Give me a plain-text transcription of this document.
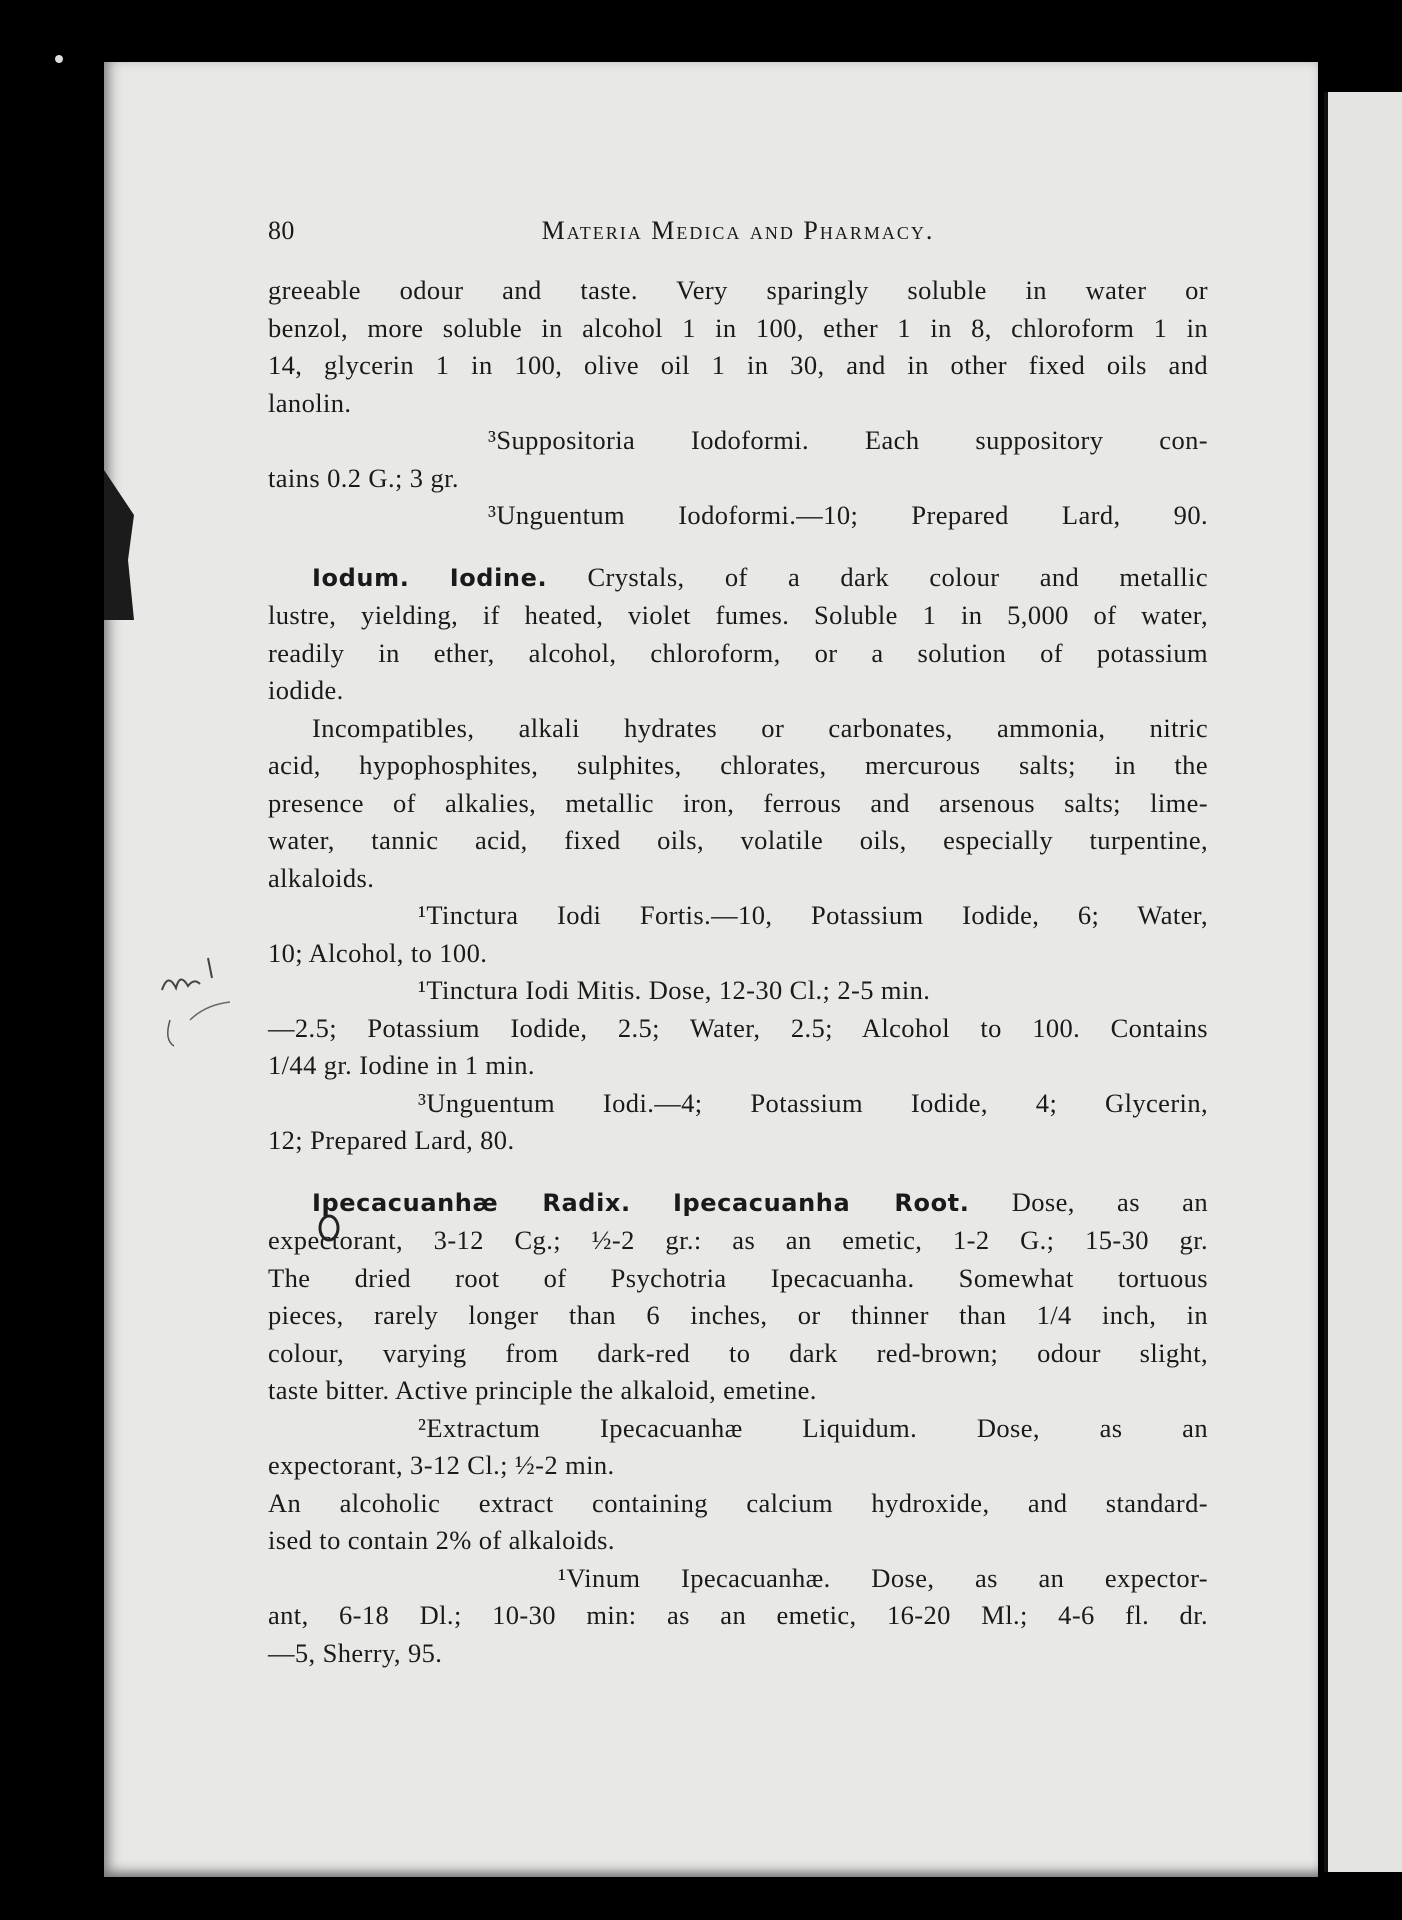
80	Materia Medica and Pharmacy.

greeable odour and taste. Very sparingly soluble in water or

benzol, more soluble in alcohol 1 in 100, ether 1 in 8, chloroform 1 in

14, glycerin 1 in 100, olive oil 1 in 30, and in other fixed oils and

lanolin.

³Suppositoria Iodoformi. Each suppository con-

tains 0.2 G.; 3 gr.

³Unguentum Iodoformi.—10; Prepared Lard, 90.

Iodum. Iodine. Crystals, of a dark colour and metallic

lustre, yielding, if heated, violet fumes. Soluble 1 in 5,000 of water,

readily in ether, alcohol, chloroform, or a solution of potassium

iodide.

Incompatibles, alkali hydrates or carbonates, ammonia, nitric

acid, hypophosphites, sulphites, chlorates, mercurous salts; in the

presence of alkalies, metallic iron, ferrous and arsenous salts; lime-

water, tannic acid, fixed oils, volatile oils, especially turpentine,

alkaloids.

¹Tinctura Iodi Fortis.—10, Potassium Iodide, 6; Water,

10; Alcohol, to 100.

¹Tinctura Iodi Mitis. Dose, 12-30 Cl.; 2-5 min.

—2.5; Potassium Iodide, 2.5; Water, 2.5; Alcohol to 100. Contains

1/44 gr. Iodine in 1 min.

³Unguentum Iodi.—4; Potassium Iodide, 4; Glycerin,

12; Prepared Lard, 80.

Ipecacuanhæ Radix. Ipecacuanha Root. Dose, as an

expectorant, 3-12 Cg.; ½-2 gr.: as an emetic, 1-2 G.; 15-30 gr.

The dried root of Psychotria Ipecacuanha. Somewhat tortuous

pieces, rarely longer than 6 inches, or thinner than 1/4 inch, in

colour, varying from dark-red to dark red-brown; odour slight,

taste bitter. Active principle the alkaloid, emetine.

²Extractum Ipecacuanhæ Liquidum. Dose, as an

expectorant, 3-12 Cl.; ½-2 min.

An alcoholic extract containing calcium hydroxide, and standard-

ised to contain 2% of alkaloids.

¹Vinum Ipecacuanhæ. Dose, as an expector-

ant, 6-18 Dl.; 10-30 min: as an emetic, 16-20 Ml.; 4-6 fl. dr.

—5, Sherry, 95.
